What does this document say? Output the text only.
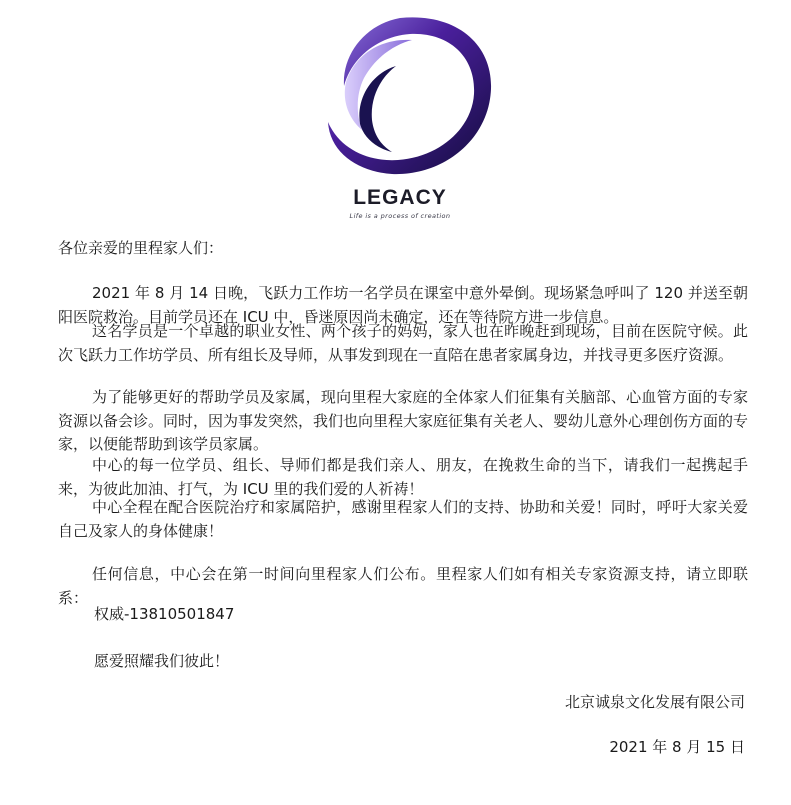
LEGACY
Life is a process of creation
各位亲爱的里程家人们：

2021 年 8 月 14 日晚，飞跃力工作坊一名学员在课室中意外晕倒。现场紧急呼叫了 120 并送至朝阳医院救治。目前学员还在 ICU 中，昏迷原因尚未确定，还在等待院方进一步信息。

这名学员是一个卓越的职业女性、两个孩子的妈妈，家人也在昨晚赶到现场，目前在医院守候。此次飞跃力工作坊学员、所有组长及导师，从事发到现在一直陪在患者家属身边，并找寻更多医疗资源。

为了能够更好的帮助学员及家属，现向里程大家庭的全体家人们征集有关脑部、心血管方面的专家资源以备会诊。同时，因为事发突然，我们也向里程大家庭征集有关老人、婴幼儿意外心理创伤方面的专家，以便能帮助到该学员家属。

中心的每一位学员、组长、导师们都是我们亲人、朋友，在挽救生命的当下，请我们一起携起手来，为彼此加油、打气，为 ICU 里的我们爱的人祈祷！

中心全程在配合医院治疗和家属陪护，感谢里程家人们的支持、协助和关爱！同时，呼吁大家关爱自己及家人的身体健康！

任何信息，中心会在第一时间向里程家人们公布。里程家人们如有相关专家资源支持，请立即联系：

权威-13810501847
愿爱照耀我们彼此！
北京诚泉文化发展有限公司
2021 年 8 月 15 日
